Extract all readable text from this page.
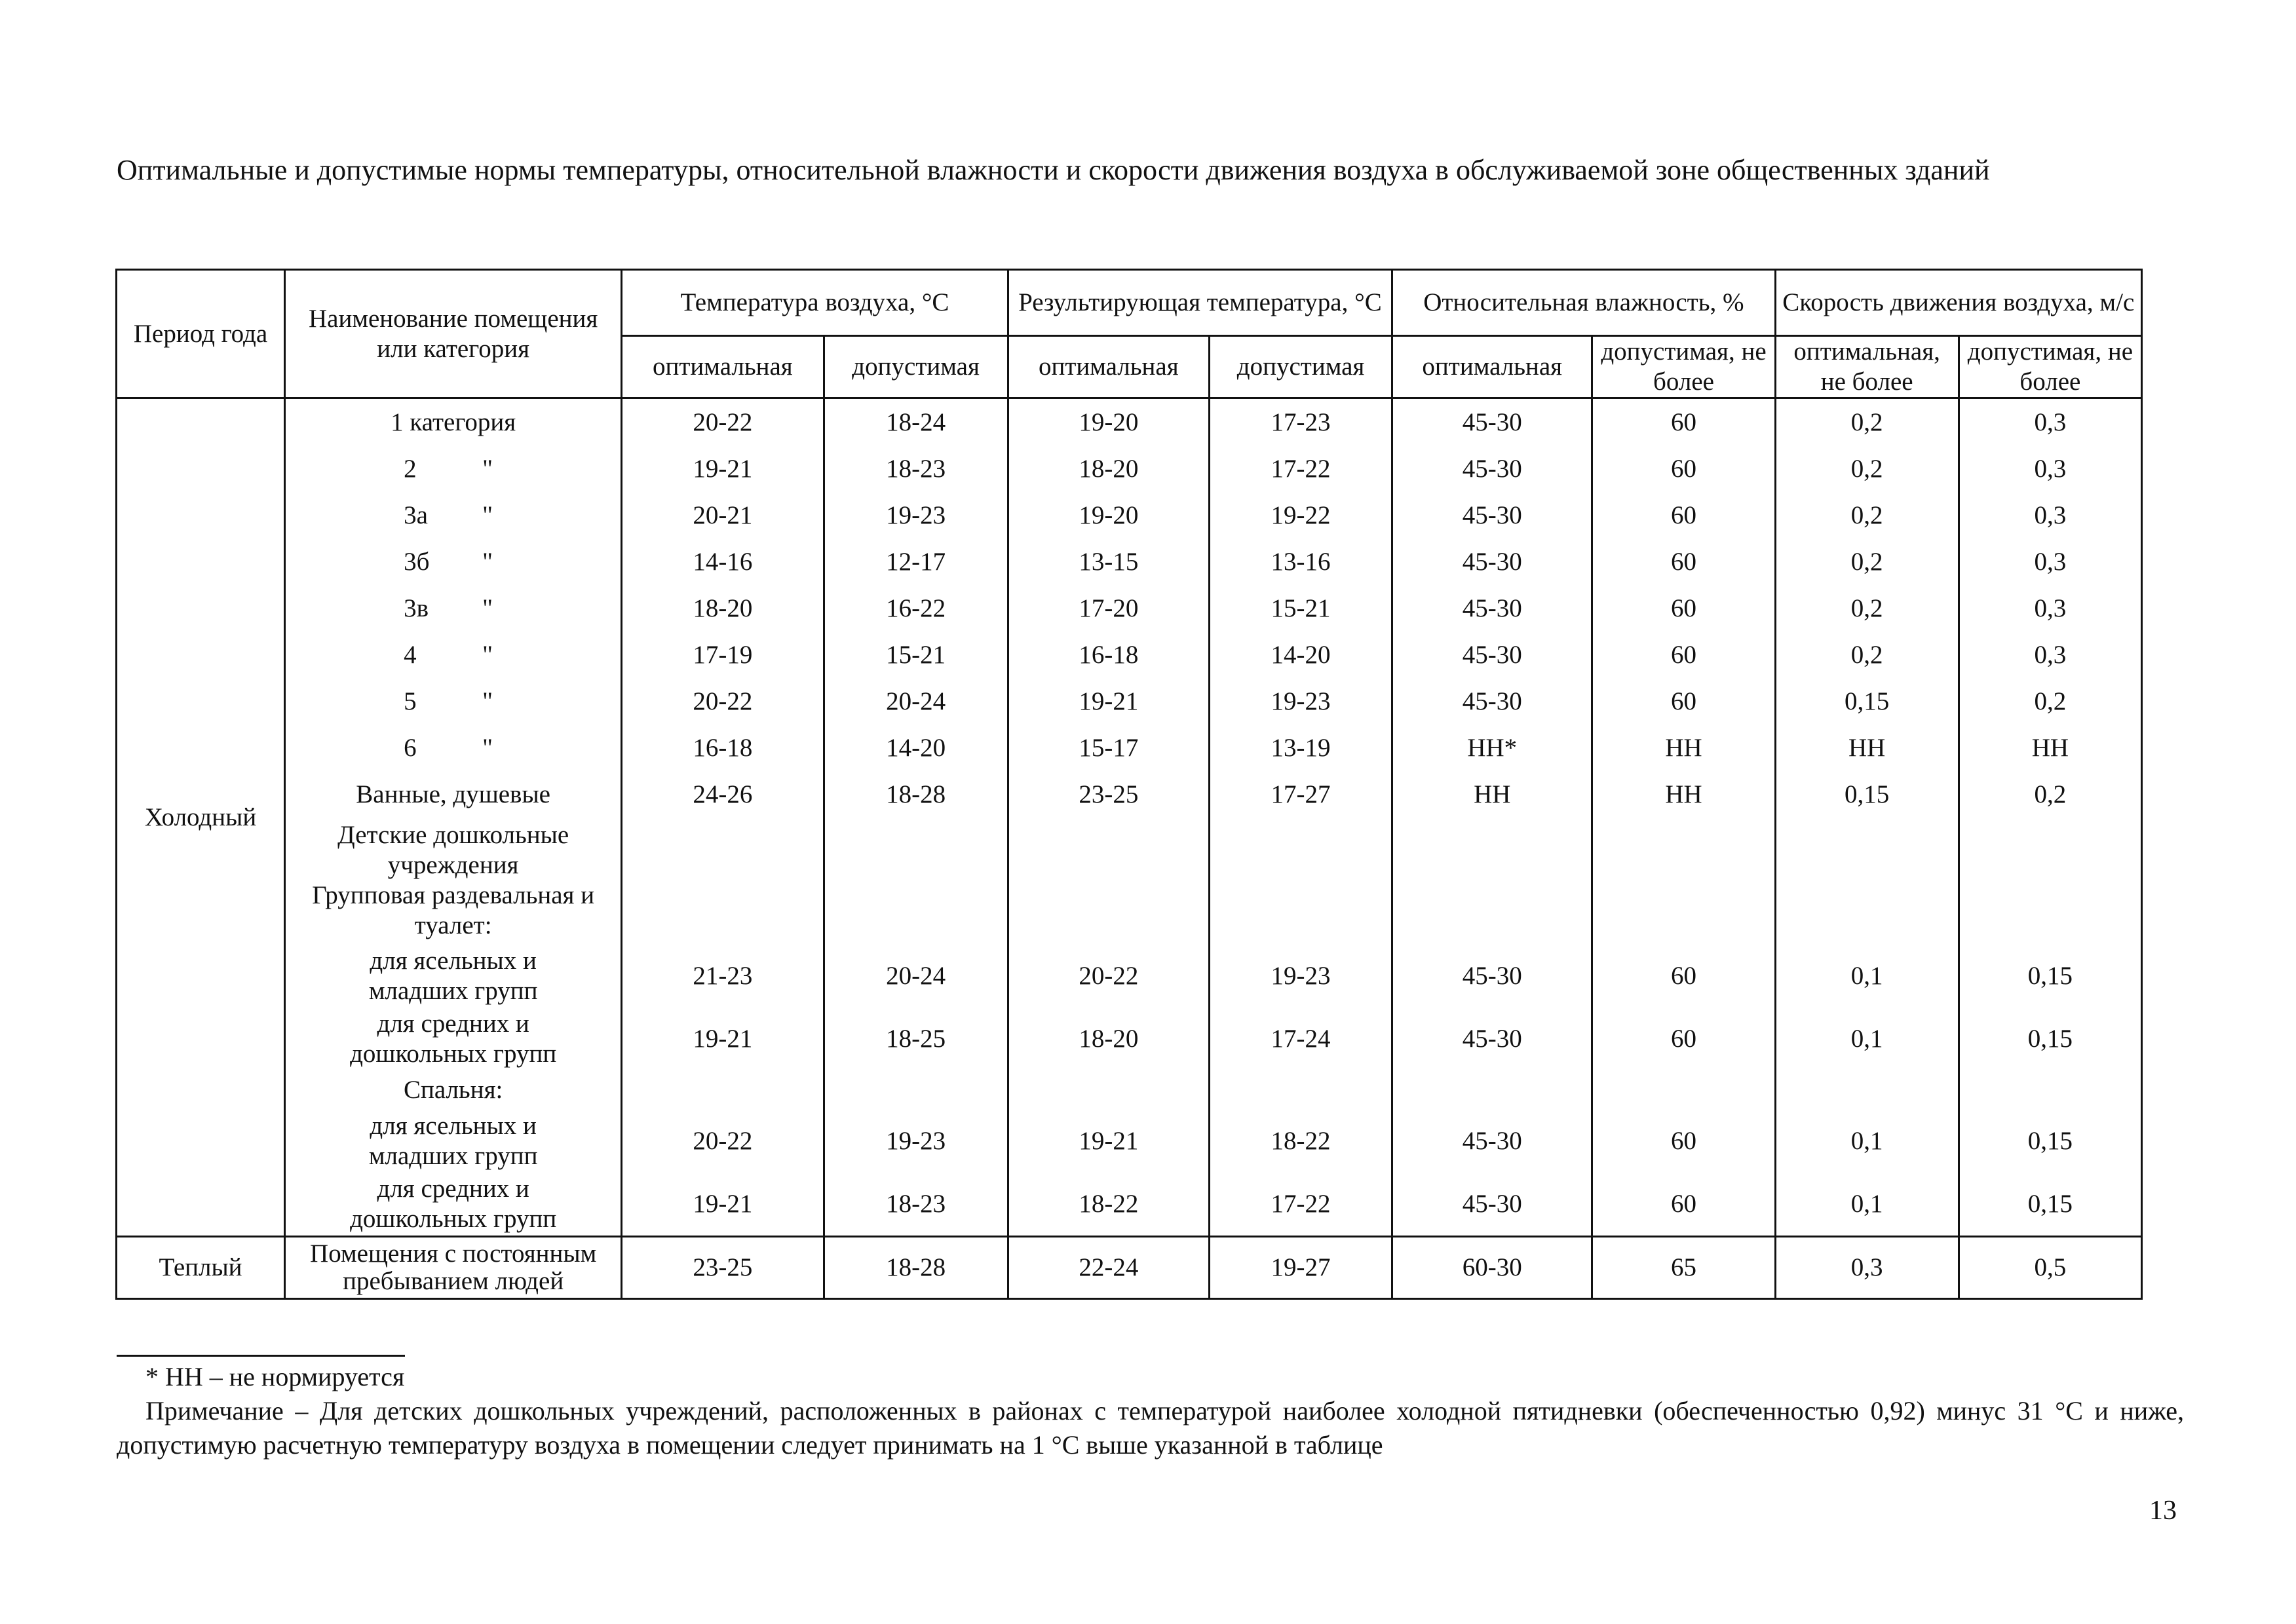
Оптимальные и допустимые нормы температуры, относительной влажности и скорости движения воздуха в обслуживаемой зоне общественных зданий
Период года	Наименование помещения или категория	Температура воздуха, °С		Результирующая температура, °С		Относительная влажность, %		Скорость движения воздуха, м/с	
		оптимальная	допустимая	оптимальная	допустимая	оптимальная	допустимая, не более	оптимальная, не более	допустимая, не более
Холодный	1 категория	20-22	18-24	19-20	17-23	45-30	60	0,2	0,3
	2 "	19-21	18-23	18-20	17-22	45-30	60	0,2	0,3
	3а "	20-21	19-23	19-20	19-22	45-30	60	0,2	0,3
	3б "	14-16	12-17	13-15	13-16	45-30	60	0,2	0,3
	3в "	18-20	16-22	17-20	15-21	45-30	60	0,2	0,3
	4 "	17-19	15-21	16-18	14-20	45-30	60	0,2	0,3
	5 "	20-22	20-24	19-21	19-23	45-30	60	0,15	0,2
	6 "	16-18	14-20	15-17	13-19	НН*	НН	НН	НН
	Ванные, душевые	24-26	18-28	23-25	17-27	НН	НН	0,15	0,2

	Детские дошкольные учреждения
Групповая раздевальная и туалет:								

	для ясельных и младших групп	21-23	20-24	20-22	19-23	45-30	60	0,1	0,15
	для средних и дошкольных групп	19-21	18-25	18-20	17-24	45-30	60	0,1	0,15
	Спальня:								
	для ясельных и младших групп	20-22	19-23	19-21	18-22	45-30	60	0,1	0,15
	для средних и дошкольных групп	19-21	18-23	18-22	17-22	45-30	60	0,1	0,15
Теплый	Помещения с постоянным пребыванием людей	23-25	18-28	22-24	19-27	60-30	65	0,3	0,5
* НН – не нормируется
Примечание – Для детских дошкольных учреждений, расположенных в районах с температурой наиболее холодной пятидневки (обеспеченностью 0,92) минус 31 °С и ниже, допустимую расчетную температуру воздуха в помещении следует принимать на 1 °С выше указанной в таблице
13
